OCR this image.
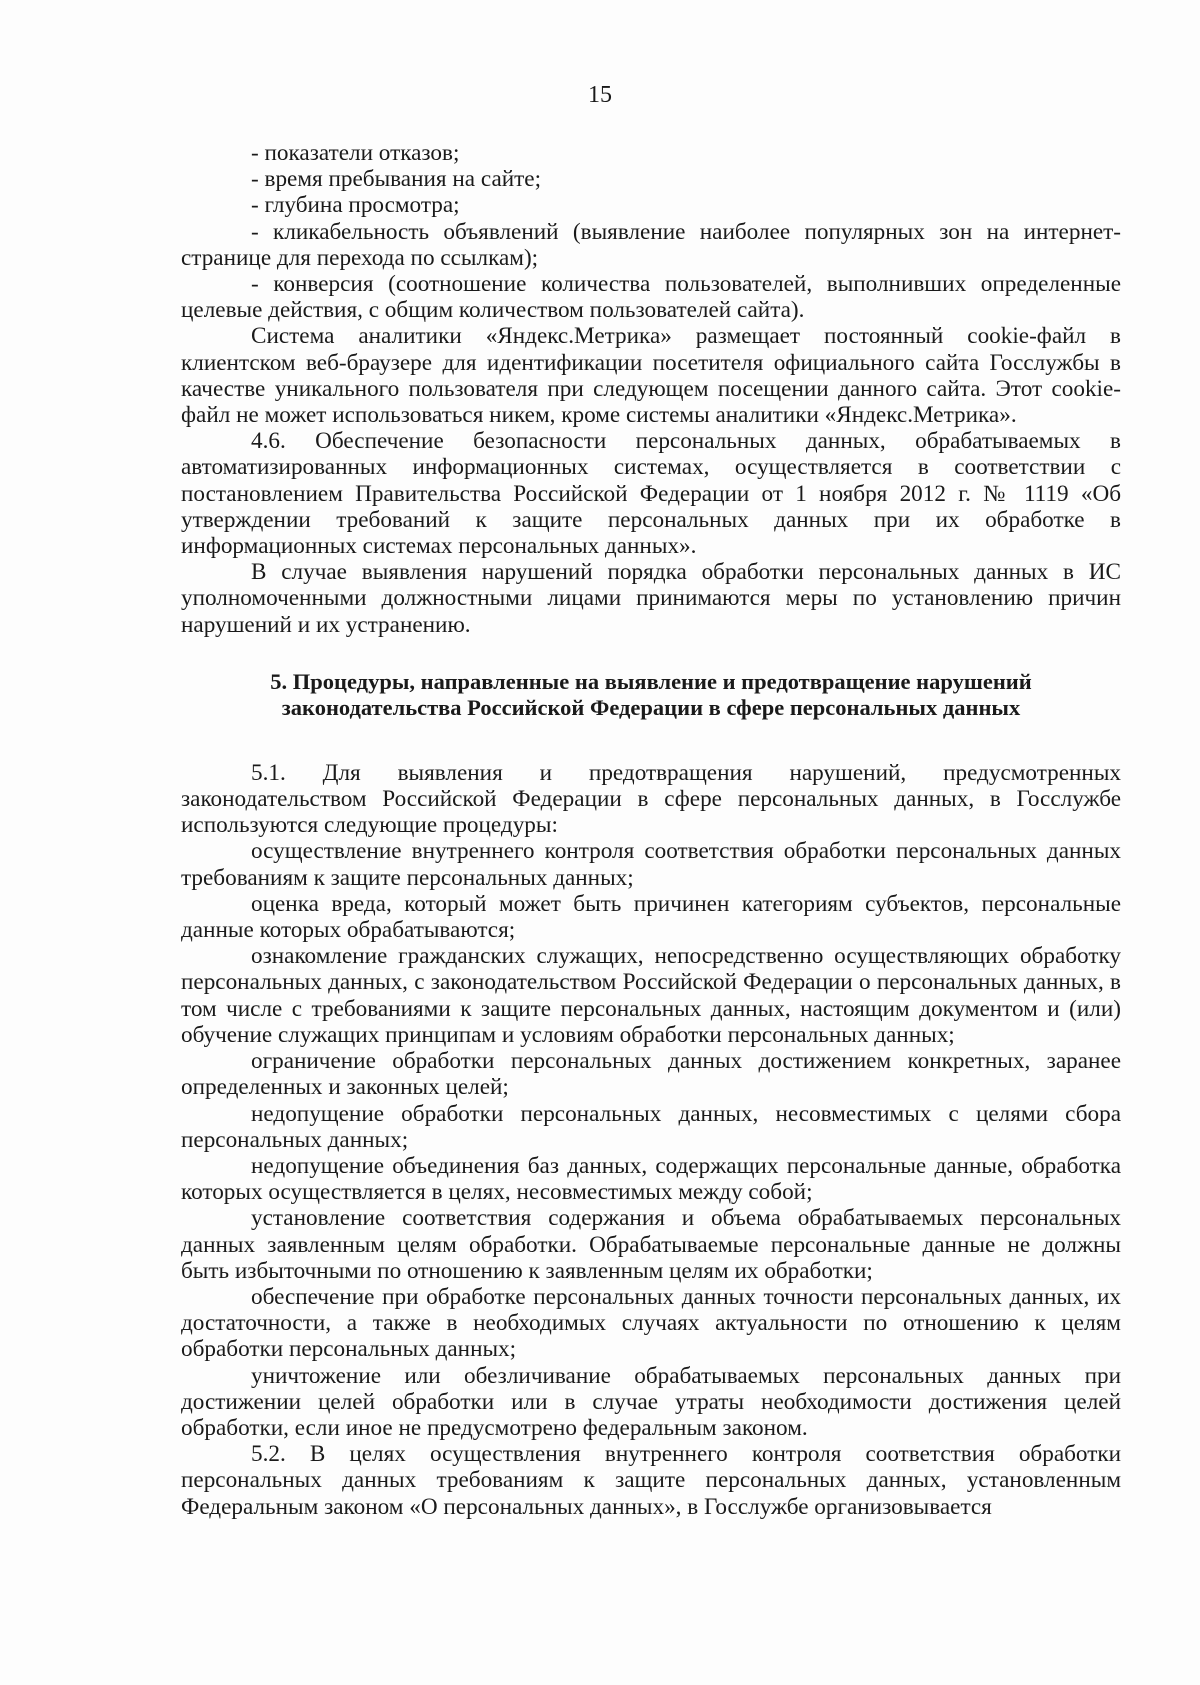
15

- показатели отказов;

- время пребывания на сайте;

- глубина просмотра;

- кликабельность объявлений (выявление наиболее популярных зон на интернет-странице для перехода по ссылкам);

- конверсия (соотношение количества пользователей, выполнивших определенные целевые действия, с общим количеством пользователей сайта).

Система аналитики «Яндекс.Метрика» размещает постоянный cookie-файл в клиентском веб-браузере для идентификации посетителя официального сайта Госслужбы в качестве уникального пользователя при следующем посещении данного сайта. Этот cookie-файл не может использоваться никем, кроме системы аналитики «Яндекс.Метрика».

4.6. Обеспечение безопасности персональных данных, обрабатываемых в автоматизированных информационных системах, осуществляется в соответствии с постановлением Правительства Российской Федерации от 1 ноября 2012 г. № 1119 «Об утверждении требований к защите персональных данных при их обработке в информационных системах персональных данных».

В случае выявления нарушений порядка обработки персональных данных в ИС уполномоченными должностными лицами принимаются меры по установлению причин нарушений и их устранению.

5. Процедуры, направленные на выявление и предотвращение нарушений
законодательства Российской Федерации в сфере персональных данных

5.1. Для выявления и предотвращения нарушений, предусмотренных законодательством Российской Федерации в сфере персональных данных, в Госслужбе используются следующие процедуры:

осуществление внутреннего контроля соответствия обработки персональных данных требованиям к защите персональных данных;

оценка вреда, который может быть причинен категориям субъектов, персональные данные которых обрабатываются;

ознакомление гражданских служащих, непосредственно осуществляющих обработку персональных данных, с законодательством Российской Федерации о персональных данных, в том числе с требованиями к защите персональных данных, настоящим документом и (или) обучение служащих принципам и условиям обработки персональных данных;

ограничение обработки персональных данных достижением конкретных, заранее определенных и законных целей;

недопущение обработки персональных данных, несовместимых с целями сбора персональных данных;

недопущение объединения баз данных, содержащих персональные данные, обработка которых осуществляется в целях, несовместимых между собой;

установление соответствия содержания и объема обрабатываемых персональных данных заявленным целям обработки. Обрабатываемые персональные данные не должны быть избыточными по отношению к заявленным целям их обработки;

обеспечение при обработке персональных данных точности персональных данных, их достаточности, а также в необходимых случаях актуальности по отношению к целям обработки персональных данных;

уничтожение или обезличивание обрабатываемых персональных данных при достижении целей обработки или в случае утраты необходимости достижения целей обработки, если иное не предусмотрено федеральным законом.

5.2. В целях осуществления внутреннего контроля соответствия обработки персональных данных требованиям к защите персональных данных, установленным Федеральным законом «О персональных данных», в Госслужбе организовывается
